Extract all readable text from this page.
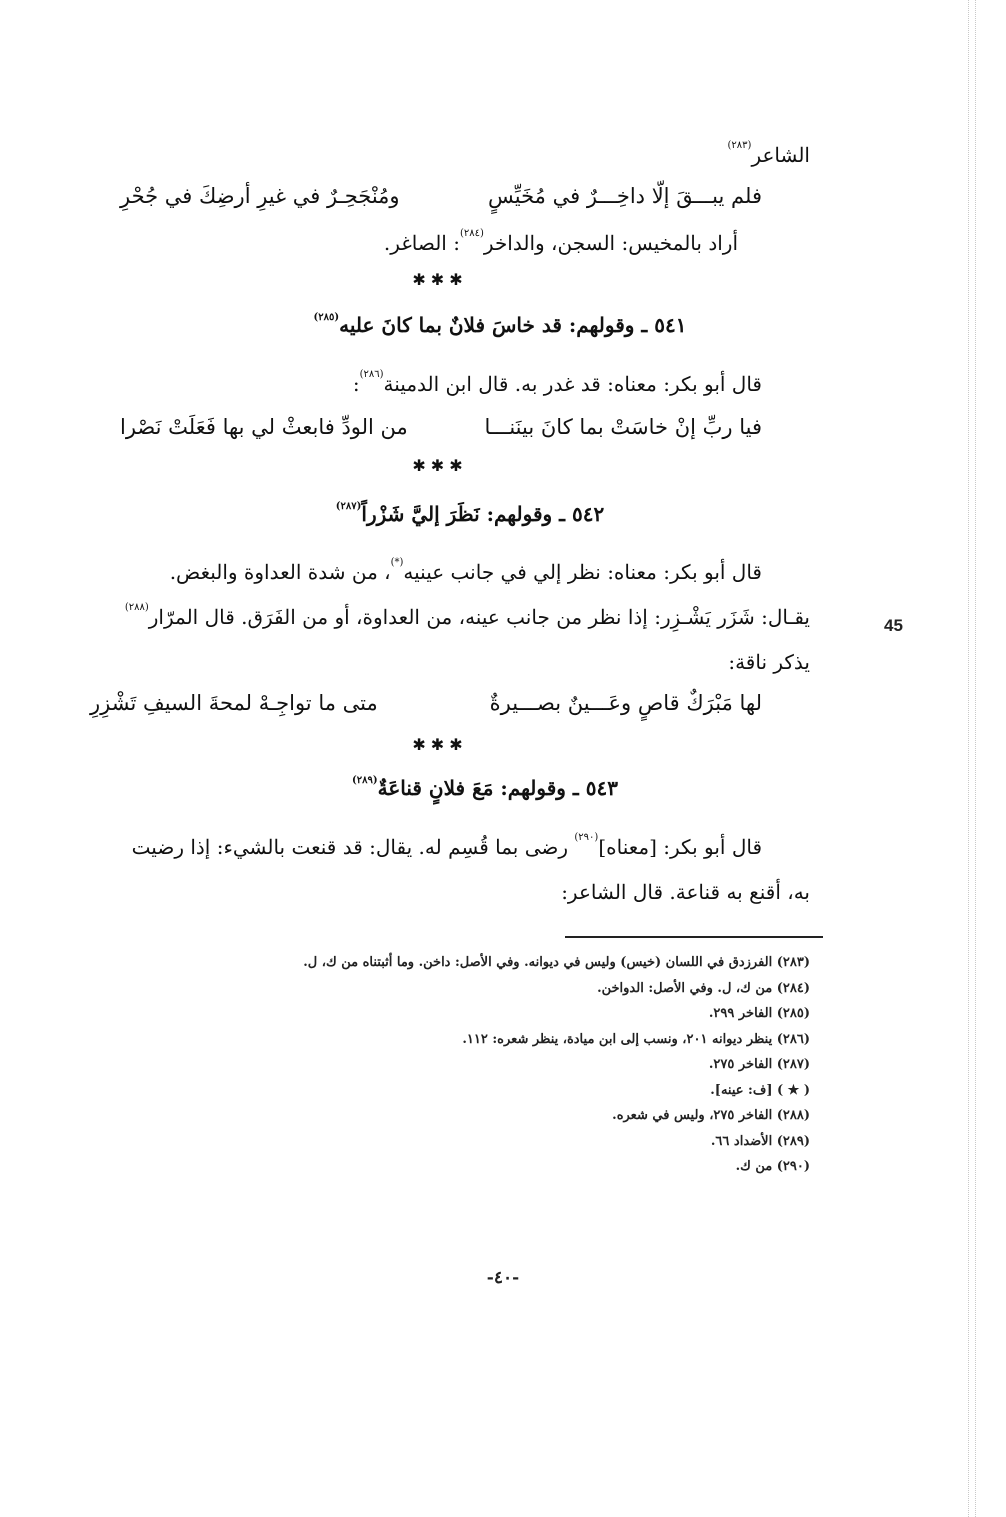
45
الشاعر$^{(٢٨٣)}$
فلم يبـــقَ إلّا داخِـــرٌ في مُخَيِّسٍ
ومُنْجَحِـرٌ في غيرِ أرضِكَ في جُحْرِ
أراد بالمخيس: السجن، والداخر$^{(٢٨٤)}$: الصاغر.
✱✱✱
٥٤١ ـ وقولهم: قد خاسَ فلانٌ بما كانَ عليه$^{(٢٨٥)}$
قال أبو بكر: معناه: قد غدر به. قال ابن الدمينة$^{(٢٨٦)}$:
فيا ربِّ إنْ خاسَتْ بما كانَ بينَنـــا
من الودِّ فابعثْ لي بها فَعَلَتْ نَصْرا
✱✱✱
٥٤٢ ـ وقولهم: نَظَرَ إليَّ شَزْراً$^{(٢٨٧)}$
قال أبو بكر: معناه: نظر إلي في جانب عينيه(*)، من شدة العداوة والبغض.
يقـال: شَزَر يَشْـزِر: إذا نظر من جانب عينه، من العداوة، أو من الفَرَق. قال المرّار$^{(٢٨٨)}$
يذكر ناقة:
لها مَبْرَكٌ قاصٍ وعَـــينٌ بصـــيرةٌ
متى ما تواجِـهْ لمحةَ السيفِ تَشْزِرِ
✱✱✱
٥٤٣ ـ وقولهم: مَعَ فلانٍ قناعَةٌ$^{(٢٨٩)}$
قال أبو بكر: [معناه]$^{(٢٩٠)}$ رضى بما قُسِم له. يقال: قد قنعت بالشيء: إذا رضيت
به، أقنع به قناعة. قال الشاعر:
(٢٨٣) الفرزدق في اللسان (خيس) وليس في ديوانه. وفي الأصل: داخن. وما أثبتناه من ك، ل.
(٢٨٤) من ك، ل. وفي الأصل: الدواخن.
(٢٨٥) الفاخر ٢٩٩.
(٢٨٦) ينظر ديوانه ٢٠١، ونسب إلى ابن ميادة، ينظر شعره: ١١٢.
(٢٨٧) الفاخر ٢٧٥.
( ★ ) [ف: عينه].
(٢٨٨) الفاخر ٢٧٥، وليس في شعره.
(٢٨٩) الأضداد ٦٦.
(٢٩٠) من ك.
-٤٠-
